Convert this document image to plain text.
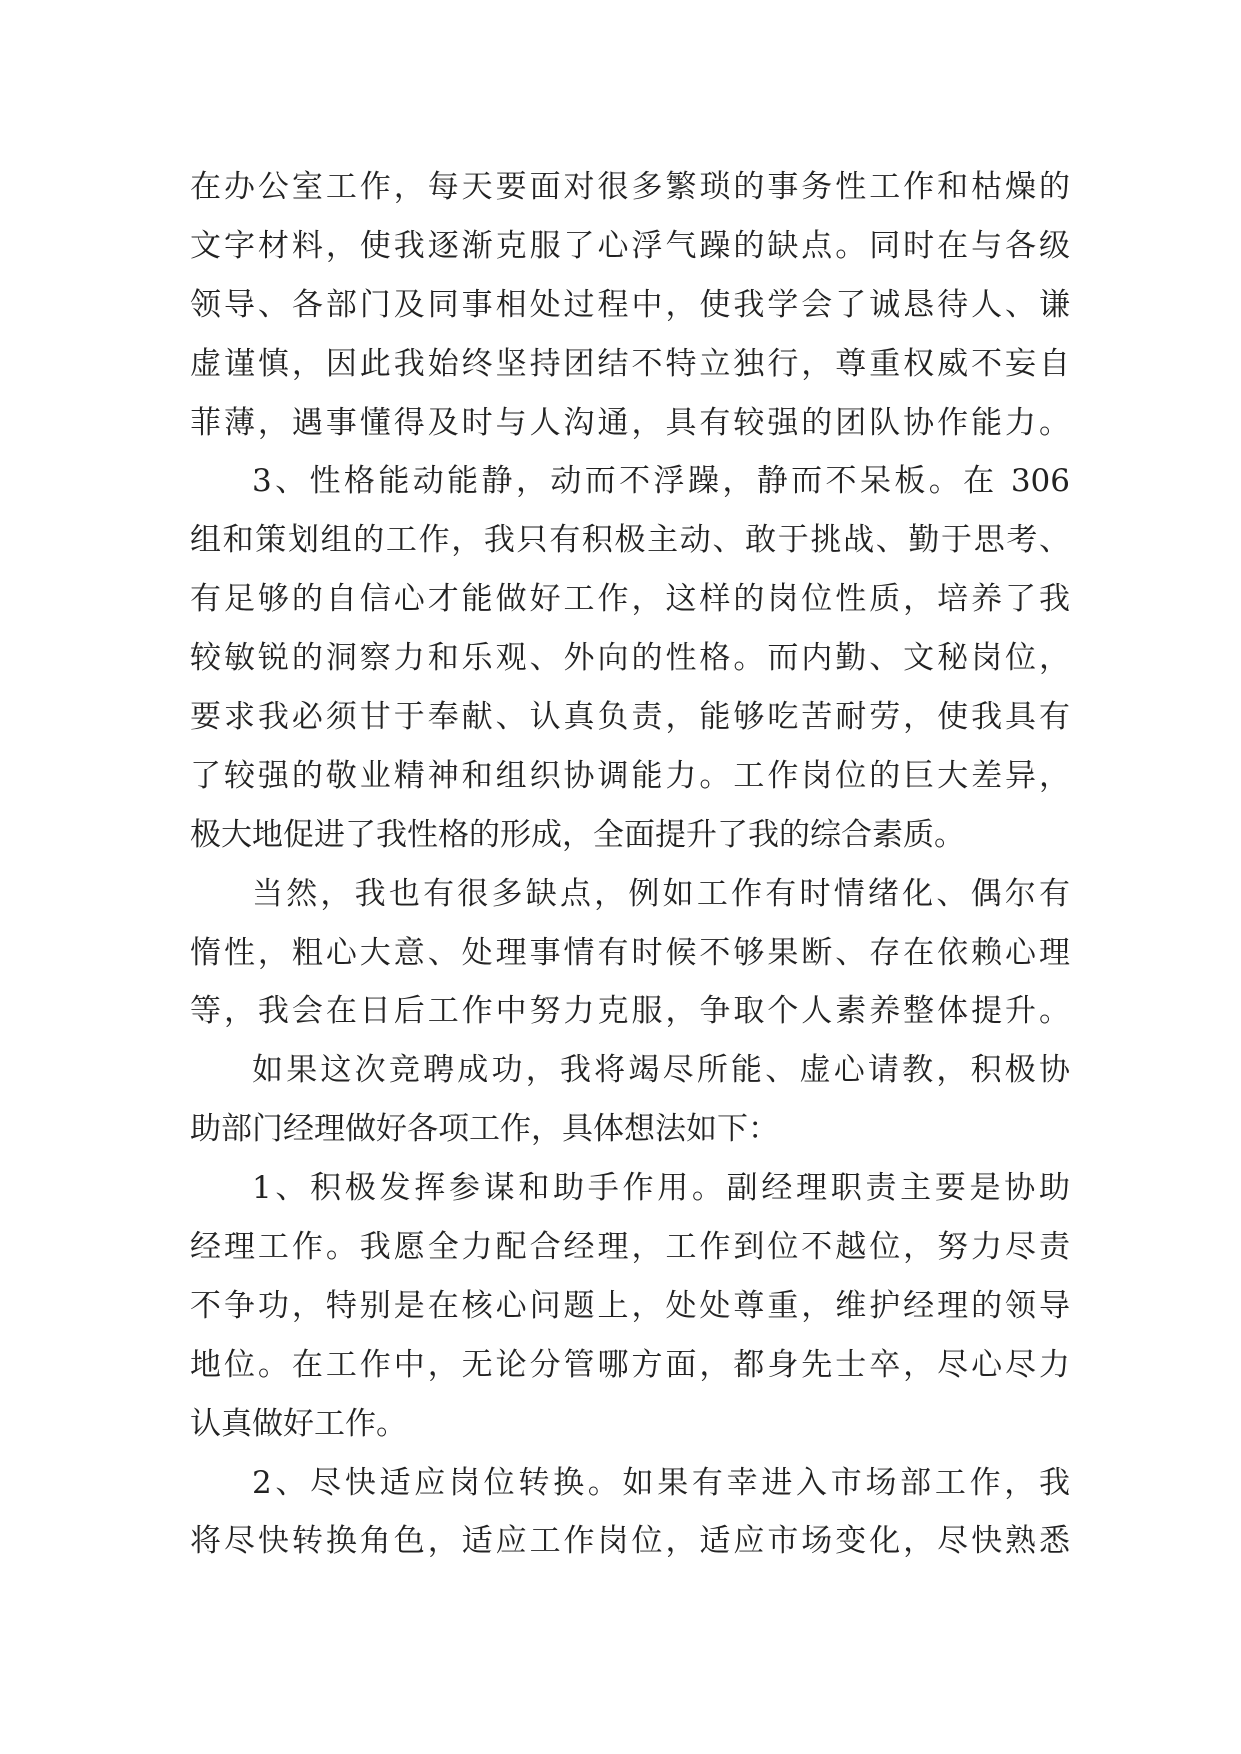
在办公室工作，每天要面对很多繁琐的事务性工作和枯燥的
文字材料，使我逐渐克服了心浮气躁的缺点。同时在与各级
领导、各部门及同事相处过程中，使我学会了诚恳待人、谦
虚谨慎，因此我始终坚持团结不特立独行，尊重权威不妄自
菲薄，遇事懂得及时与人沟通，具有较强的团队协作能力。
3、性格能动能静，动而不浮躁，静而不呆板。在 306
组和策划组的工作，我只有积极主动、敢于挑战、勤于思考、
有足够的自信心才能做好工作，这样的岗位性质，培养了我
较敏锐的洞察力和乐观、外向的性格。而内勤、文秘岗位，
要求我必须甘于奉献、认真负责，能够吃苦耐劳，使我具有
了较强的敬业精神和组织协调能力。工作岗位的巨大差异，
极大地促进了我性格的形成，全面提升了我的综合素质。
当然，我也有很多缺点，例如工作有时情绪化、偶尔有
惰性，粗心大意、处理事情有时候不够果断、存在依赖心理
等，我会在日后工作中努力克服，争取个人素养整体提升。
如果这次竞聘成功，我将竭尽所能、虚心请教，积极协
助部门经理做好各项工作，具体想法如下：
1、积极发挥参谋和助手作用。副经理职责主要是协助
经理工作。我愿全力配合经理，工作到位不越位，努力尽责
不争功，特别是在核心问题上，处处尊重，维护经理的领导
地位。在工作中，无论分管哪方面，都身先士卒，尽心尽力
认真做好工作。
2、尽快适应岗位转换。如果有幸进入市场部工作，我
将尽快转换角色，适应工作岗位，适应市场变化，尽快熟悉
